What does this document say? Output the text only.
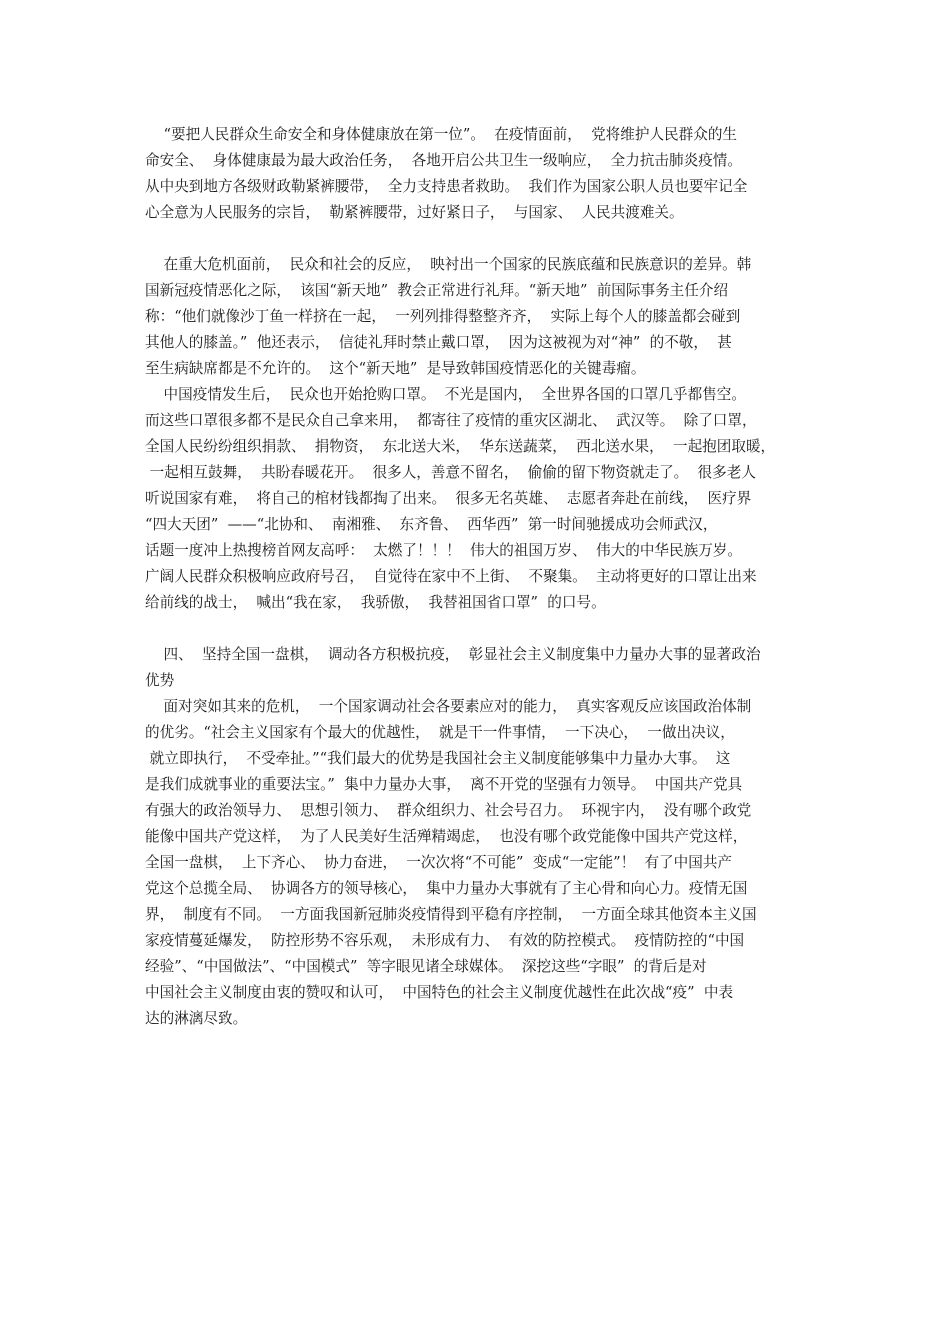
“要把人民群众生命安全和身体健康放在第一位”。  在疫情面前，  党将维护人民群众的生
命安全、  身体健康最为最大政治任务，  各地开启公共卫生一级响应，  全力抗击肺炎疫情。
从中央到地方各级财政勒紧裤腰带，  全力支持患者救助。  我们作为国家公职人员也要牢记全
心全意为人民服务的宗旨，  勒紧裤腰带，过好紧日子，  与国家、  人民共渡难关。
在重大危机面前，  民众和社会的反应，  映衬出一个国家的民族底蕴和民族意识的差异。韩
国新冠疫情恶化之际，  该国“新天地”  教会正常进行礼拜。“新天地”  前国际事务主任介绍
称：“他们就像沙丁鱼一样挤在一起，  一列列排得整整齐齐，  实际上每个人的膝盖都会碰到
其他人的膝盖。”  他还表示，  信徒礼拜时禁止戴口罩，  因为这被视为对“神”  的不敬，  甚
至生病缺席都是不允许的。  这个“新天地”  是导致韩国疫情恶化的关键毒瘤。
中国疫情发生后，  民众也开始抢购口罩。  不光是国内，  全世界各国的口罩几乎都售空。
而这些口罩很多都不是民众自己拿来用，  都寄往了疫情的重灾区湖北、  武汉等。  除了口罩，
全国人民纷纷组织捐款、  捐物资，  东北送大米，  华东送蔬菜，  西北送水果，  一起抱团取暖，
一起相互鼓舞，  共盼春暖花开。  很多人，善意不留名，  偷偷的留下物资就走了。  很多老人
听说国家有难，  将自己的棺材钱都掏了出来。  很多无名英雄、  志愿者奔赴在前线，  医疗界
“四大天团”  ——“北协和、  南湘雅、  东齐鲁、  西华西”  第一时间驰援成功会师武汉，
话题一度冲上热搜榜首网友高呼：  太燃了！！！  伟大的祖国万岁、  伟大的中华民族万岁。
广阔人民群众积极响应政府号召，  自觉待在家中不上街、  不聚集。  主动将更好的口罩让出来
给前线的战士，  喊出“我在家，  我骄傲，  我替祖国省口罩”  的口号。
四、  坚持全国一盘棋，  调动各方积极抗疫，  彰显社会主义制度集中力量办大事的显著政治
优势
面对突如其来的危机，  一个国家调动社会各要素应对的能力，  真实客观反应该国政治体制
的优劣。“社会主义国家有个最大的优越性，  就是干一件事情，  一下决心，  一做出决议，
就立即执行，  不受牵扯。”“我们最大的优势是我国社会主义制度能够集中力量办大事。  这
是我们成就事业的重要法宝。”  集中力量办大事，  离不开党的坚强有力领导。  中国共产党具
有强大的政治领导力、  思想引领力、  群众组织力、社会号召力。  环视宇内，  没有哪个政党
能像中国共产党这样，  为了人民美好生活殚精竭虑，  也没有哪个政党能像中国共产党这样，
全国一盘棋，  上下齐心、  协力奋进，  一次次将“不可能”  变成“一定能”！  有了中国共产
党这个总揽全局、  协调各方的领导核心，  集中力量办大事就有了主心骨和向心力。疫情无国
界，  制度有不同。  一方面我国新冠肺炎疫情得到平稳有序控制，  一方面全球其他资本主义国
家疫情蔓延爆发，  防控形势不容乐观，  未形成有力、  有效的防控模式。  疫情防控的“中国
经验”、“中国做法”、“中国模式”  等字眼见诸全球媒体。  深挖这些“字眼”  的背后是对
中国社会主义制度由衷的赞叹和认可，  中国特色的社会主义制度优越性在此次战“疫”  中表
达的淋漓尽致。
